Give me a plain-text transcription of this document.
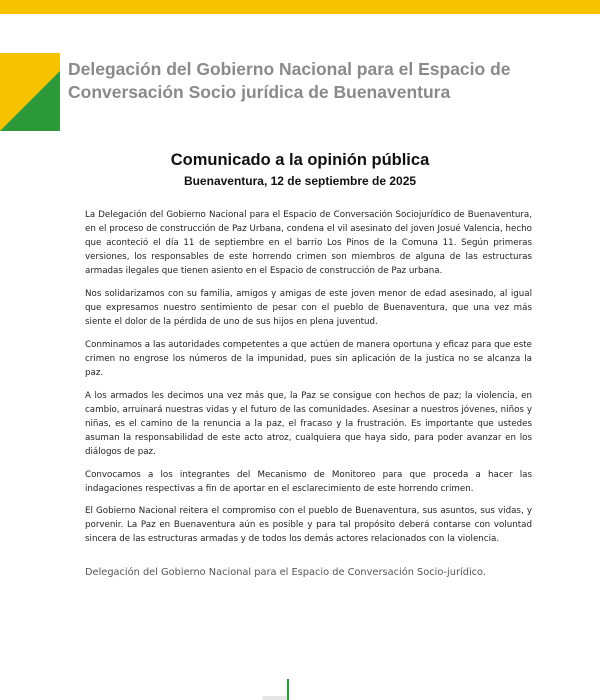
Delegación del Gobierno Nacional para el Espacio de Conversación Socio jurídica de Buenaventura
Comunicado a la opinión pública

Buenaventura, 12 de septiembre de 2025

La Delegación del Gobierno Nacional para el Espacio de Conversación Sociojurídico de Buenaventura, en el proceso de construcción de Paz Urbana, condena el vil asesinato del joven Josué Valencia, hecho que aconteció el día 11 de septiembre en el barrio Los Pinos de la Comuna 11. Según primeras versiones, los responsables de este horrendo crimen son miembros de alguna de las estructuras armadas ilegales que tienen asiento en el Espacio de construcción de Paz urbana.

Nos solidarizamos con su familia, amigos y amigas de este joven menor de edad asesinado, al igual que expresamos nuestro sentimiento de pesar con el pueblo de Buenaventura, que una vez más siente el dolor de la pérdida de uno de sus hijos en plena juventud.

Conminamos a las autoridades competentes a que actúen de manera oportuna y eficaz para que este crimen no engrose los números de la impunidad, pues sin aplicación de la justica no se alcanza la paz.

A los armados les decimos una vez más que, la Paz se consigue con hechos de paz; la violencia, en cambio, arruinará nuestras vidas y el futuro de las comunidades. Asesinar a nuestros jóvenes, niños y niñas, es el camino de la renuncia a la paz, el fracaso y la frustración. Es importante que ustedes asuman la responsabilidad de este acto atroz, cualquiera que haya sido, para poder avanzar en los diálogos de paz.

Convocamos a los integrantes del Mecanismo de Monitoreo para que proceda a hacer las indagaciones respectivas a fin de aportar en el esclarecimiento de este horrendo crimen.

El Gobierno Nacional reitera el compromiso con el pueblo de Buenaventura, sus asuntos, sus vidas, y porvenir. La Paz en Buenaventura aún es posible y para tal propósito deberá contarse con voluntad sincera de las estructuras armadas y de todos los demás actores relacionados con la violencia.

Delegación del Gobierno Nacional para el Espacio de Conversación Socio-jurídico.
